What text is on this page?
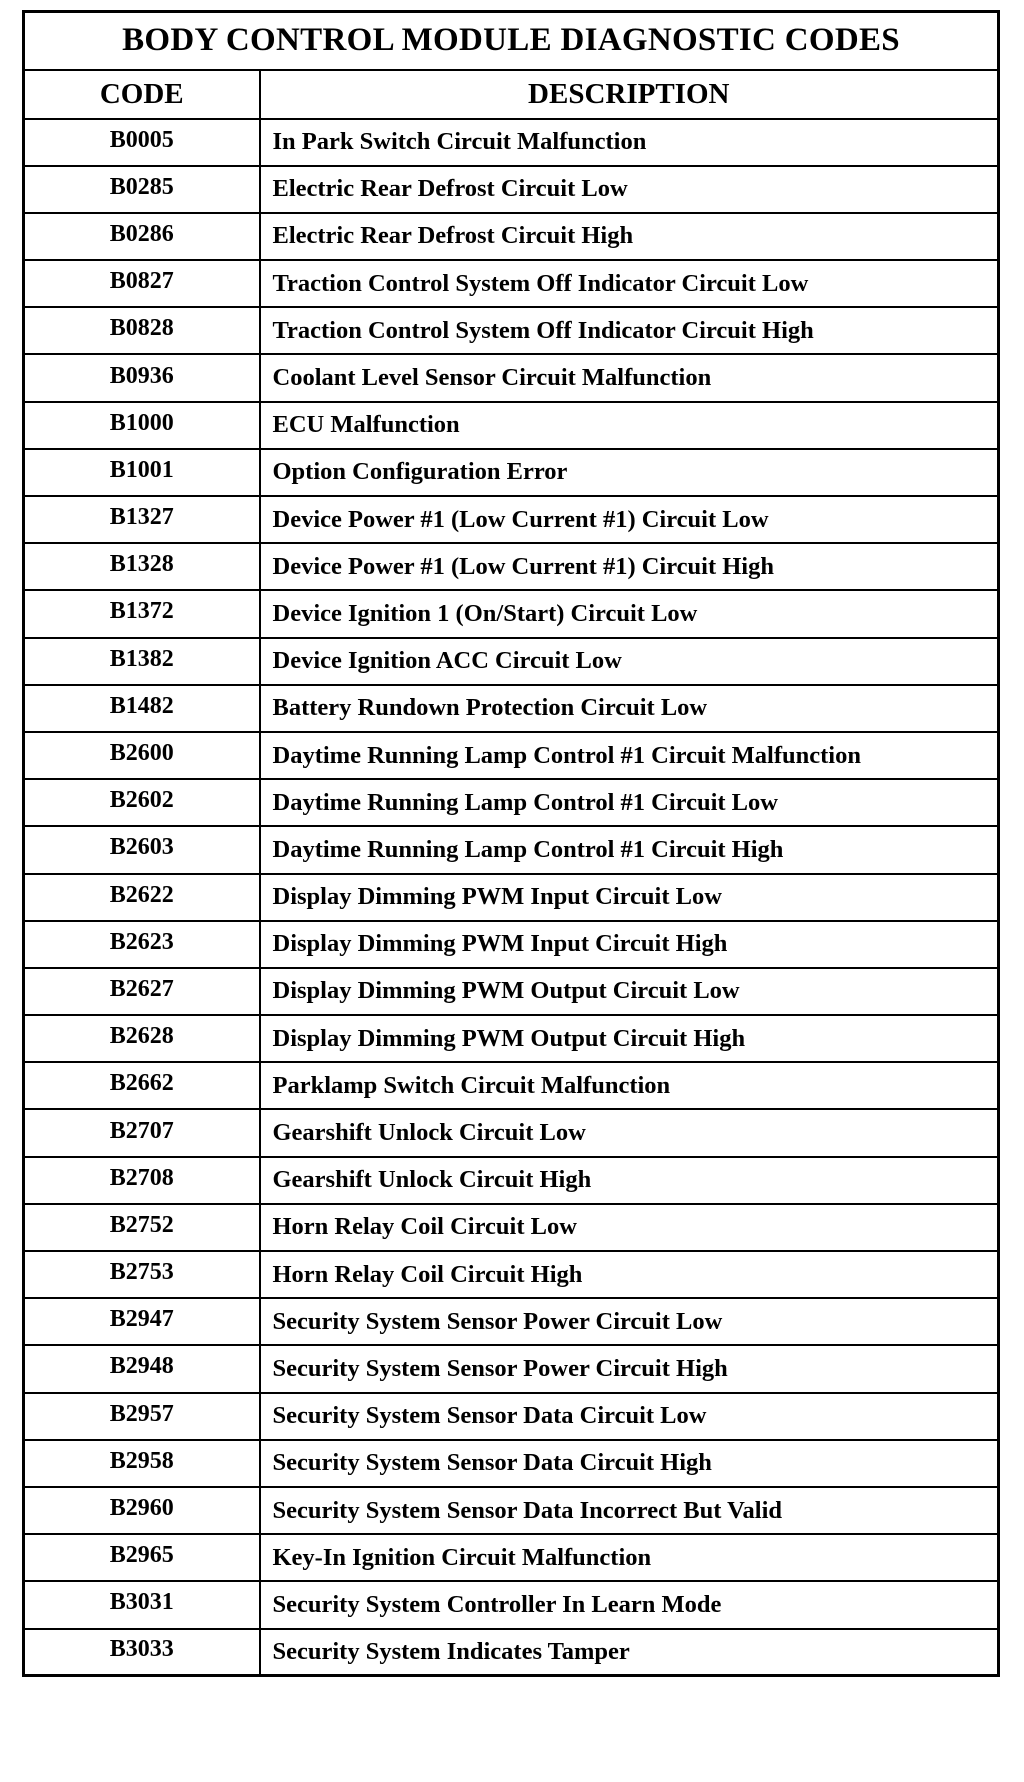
BODY CONTROL MODULE DIAGNOSTIC CODES	
CODE	DESCRIPTION
B0005	In Park Switch Circuit Malfunction
B0285	Electric Rear Defrost Circuit Low
B0286	Electric Rear Defrost Circuit High
B0827	Traction Control System Off Indicator Circuit Low
B0828	Traction Control System Off Indicator Circuit High
B0936	Coolant Level Sensor Circuit Malfunction
B1000	ECU Malfunction
B1001	Option Configuration Error
B1327	Device Power #1 (Low Current #1) Circuit Low
B1328	Device Power #1 (Low Current #1) Circuit High
B1372	Device Ignition 1 (On/Start) Circuit Low
B1382	Device Ignition ACC Circuit Low
B1482	Battery Rundown Protection Circuit Low
B2600	Daytime Running Lamp Control #1 Circuit Malfunction
B2602	Daytime Running Lamp Control #1 Circuit Low
B2603	Daytime Running Lamp Control #1 Circuit High
B2622	Display Dimming PWM Input Circuit Low
B2623	Display Dimming PWM Input Circuit High
B2627	Display Dimming PWM Output Circuit Low
B2628	Display Dimming PWM Output Circuit High
B2662	Parklamp Switch Circuit Malfunction
B2707	Gearshift Unlock Circuit Low
B2708	Gearshift Unlock Circuit High
B2752	Horn Relay Coil Circuit Low
B2753	Horn Relay Coil Circuit High
B2947	Security System Sensor Power Circuit Low
B2948	Security System Sensor Power Circuit High
B2957	Security System Sensor Data Circuit Low
B2958	Security System Sensor Data Circuit High
B2960	Security System Sensor Data Incorrect But Valid
B2965	Key-In Ignition Circuit Malfunction
B3031	Security System Controller In Learn Mode
B3033	Security System Indicates Tamper
